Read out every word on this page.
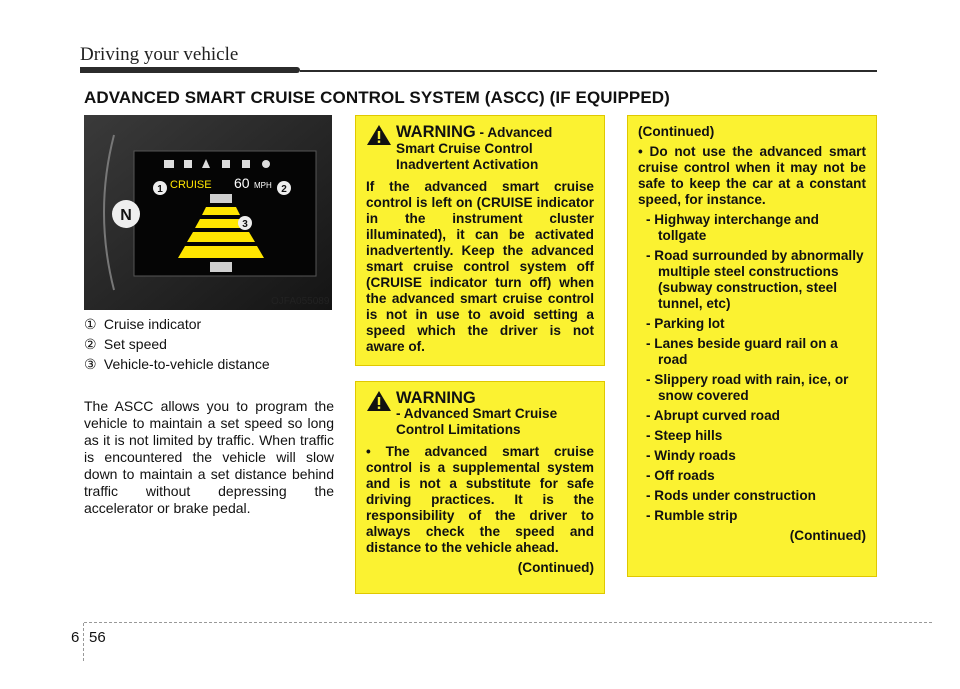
Driving your vehicle
ADVANCED SMART CRUISE CONTROL SYSTEM (ASCC) (IF EQUIPPED)
N
CRUISE 60 MPH
1	2
3
OJFA055089
① Cruise indicator
② Set speed
③ Vehicle-to-vehicle distance
The ASCC allows you to program the vehicle to maintain a set speed so long as it is not limited by traffic. When traffic is encountered the vehicle will slow down to maintain a set distance behind traffic without depressing the accelerator or brake pedal.
WARNING - Advanced Smart Cruise Control Inadvertent Activation

If the advanced smart cruise control is left on (CRUISE indicator in the instrument cluster illuminated), it can be activated inadvertently. Keep the advanced smart cruise control system off (CRUISE indicator turn off) when the advanced smart cruise control is not in use to avoid setting a speed which the driver is not aware of.

WARNING
- Advanced Smart Cruise Control Limitations

• The advanced smart cruise control is a supplemental system and is not a substitute for safe driving practices. It is the responsibility of the driver to always check the speed and distance to the vehicle ahead.

(Continued)

(Continued)

• Do not use the advanced smart cruise control when it may not be safe to keep the car at a constant speed, for instance.

- Highway interchange and tollgate
- Road surrounded by abnormally multiple steel constructions (subway construction, steel tunnel, etc)
- Parking lot
- Lanes beside guard rail on a road
- Slippery road with rain, ice, or snow covered
- Abrupt curved road
- Steep hills
- Windy roads
- Off roads
- Rods under construction
- Rumble strip

(Continued)

6 56
